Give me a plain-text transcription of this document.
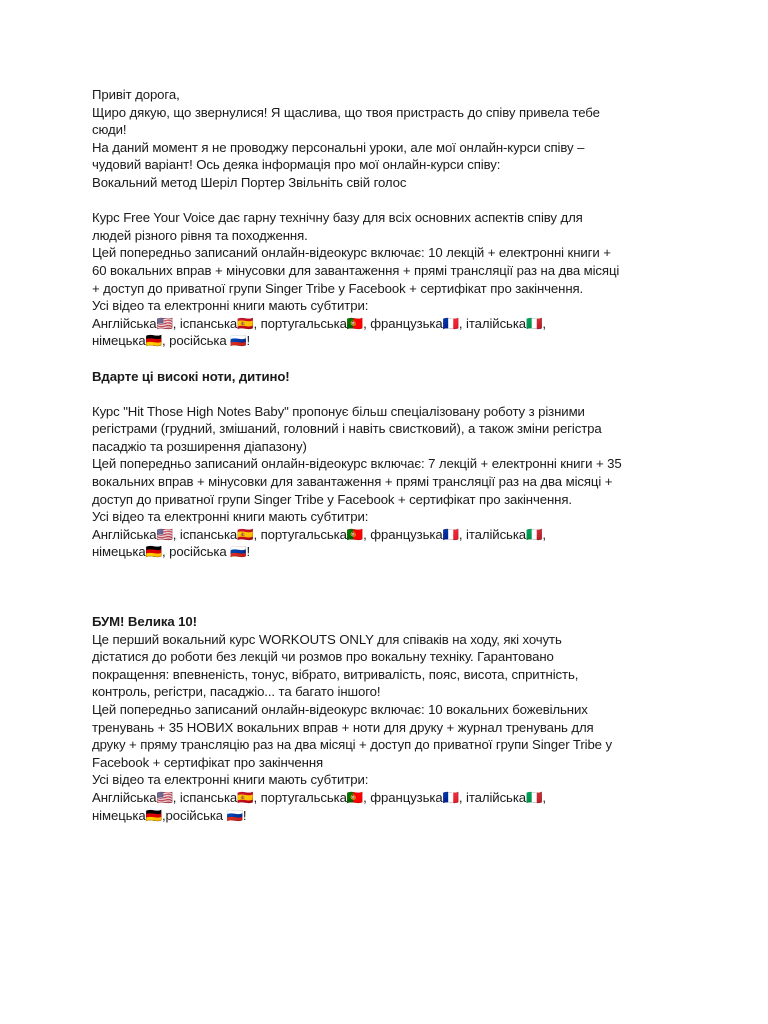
Привіт дорога,
Щиро дякую, що звернулися! Я щаслива, що твоя пристрасть до співу привела тебе
сюди!
На даний момент я не проводжу персональні уроки, але мої онлайн-курси співу –
чудовий варіант! Ось деяка інформація про мої онлайн-курси співу:
Вокальний метод Шеріл Портер Звільніть свій голос
Курс Free Your Voice дає гарну технічну базу для всіх основних аспектів співу для
людей різного рівня та походження.
Цей попередньо записаний онлайн-відеокурс включає: 10 лекцій + електронні книги +
60 вокальних вправ + мінусовки для завантаження + прямі трансляції раз на два місяці
+ доступ до приватної групи Singer Tribe у Facebook + сертифікат про закінчення.
Усі відео та електронні книги мають субтитри:
Англійська🇺🇸, іспанська🇪🇸, португальська🇵🇹, французька🇫🇷, італійська🇮🇹,
німецька🇩🇪, російська 🇷🇺!
Вдарте ці високі ноти, дитино!
Курс "Hit Those High Notes Baby" пропонує більш спеціалізовану роботу з різними
регістрами (грудний, змішаний, головний і навіть свистковий), а також зміни регістра
пасаджіо та розширення діапазону)
Цей попередньо записаний онлайн-відеокурс включає: 7 лекцій + електронні книги + 35
вокальних вправ + мінусовки для завантаження + прямі трансляції раз на два місяці +
доступ до приватної групи Singer Tribe у Facebook + сертифікат про закінчення.
Усі відео та електронні книги мають субтитри:
Англійська🇺🇸, іспанська🇪🇸, португальська🇵🇹, французька🇫🇷, італійська🇮🇹,
німецька🇩🇪, російська 🇷🇺!
БУМ! Велика 10!
Це перший вокальний курс WORKOUTS ONLY для співаків на ходу, які хочуть
дістатися до роботи без лекцій чи розмов про вокальну техніку. Гарантовано
покращення: впевненість, тонус, вібрато, витривалість, пояс, висота, спритність,
контроль, регістри, пасаджіо... та багато іншого!
Цей попередньо записаний онлайн-відеокурс включає: 10 вокальних божевільних
тренувань + 35 НОВИХ вокальних вправ + ноти для друку + журнал тренувань для
друку + пряму трансляцію раз на два місяці + доступ до приватної групи Singer Tribe у
Facebook + сертифікат про закінчення
Усі відео та електронні книги мають субтитри:
Англійська🇺🇸, іспанська🇪🇸, португальська🇵🇹, французька🇫🇷, італійська🇮🇹,
німецька🇩🇪,російська 🇷🇺!
